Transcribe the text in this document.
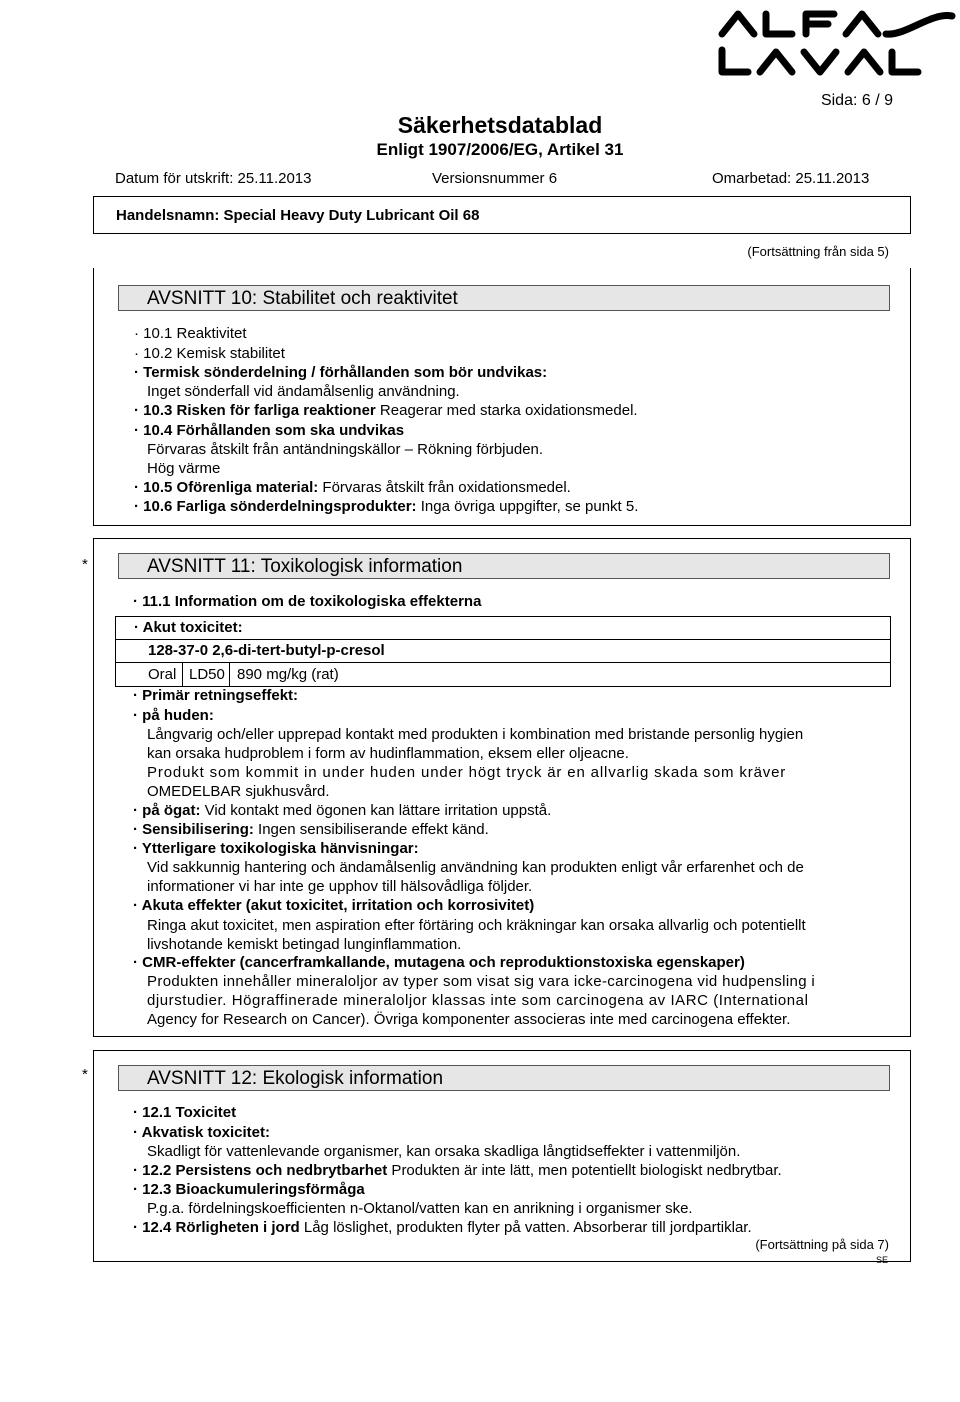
Sida: 6 / 9
Säkerhetsdatablad
Enligt 1907/2006/EG, Artikel 31
Datum för utskrift: 25.11.2013	Versionsnummer 6	Omarbetad: 25.11.2013
Handelsnamn: Special Heavy Duty Lubricant Oil 68
(Fortsättning från sida 5)
AVSNITT 10: Stabilitet och reaktivitet
· 10.1 Reaktivitet
· 10.2 Kemisk stabilitet
· Termisk sönderdelning / förhållanden som bör undvikas:
Inget sönderfall vid ändamålsenlig användning.
· 10.3 Risken för farliga reaktioner Reagerar med starka oxidationsmedel.
· 10.4 Förhållanden som ska undvikas
Förvaras åtskilt från antändningskällor – Rökning förbjuden.
Hög värme
· 10.5 Oförenliga material: Förvaras åtskilt från oxidationsmedel.
· 10.6 Farliga sönderdelningsprodukter: Inga övriga uppgifter, se punkt 5.
*	AVSNITT 11: Toxikologisk information
· 11.1 Information om de toxikologiska effekterna
· Akut toxicitet:
128-37-0 2,6-di-tert-butyl-p-cresol
Oral LD50 890 mg/kg (rat)
· Primär retningseffekt:
· på huden:
Långvarig och/eller upprepad kontakt med produkten i kombination med bristande personlig hygien
kan orsaka hudproblem i form av hudinflammation, eksem eller oljeacne.
Produkt som kommit in under huden under högt tryck är en allvarlig skada som kräver
OMEDELBAR sjukhusvård.
· på ögat: Vid kontakt med ögonen kan lättare irritation uppstå.
· Sensibilisering: Ingen sensibiliserande effekt känd.
· Ytterligare toxikologiska hänvisningar:
Vid sakkunnig hantering och ändamålsenlig användning kan produkten enligt vår erfarenhet och de
informationer vi har inte ge upphov till hälsovådliga följder.
· Akuta effekter (akut toxicitet, irritation och korrosivitet)
Ringa akut toxicitet, men aspiration efter förtäring och kräkningar kan orsaka allvarlig och potentiellt
livshotande kemiskt betingad lunginflammation.
· CMR-effekter (cancerframkallande, mutagena och reproduktionstoxiska egenskaper)
Produkten innehåller mineraloljor av typer som visat sig vara icke-carcinogena vid hudpensling i
djurstudier. Högraffinerade mineraloljor klassas inte som carcinogena av IARC (International
Agency for Research on Cancer). Övriga komponenter associeras inte med carcinogena effekter.
*	AVSNITT 12: Ekologisk information
· 12.1 Toxicitet
· Akvatisk toxicitet:
Skadligt för vattenlevande organismer, kan orsaka skadliga långtidseffekter i vattenmiljön.
· 12.2 Persistens och nedbrytbarhet Produkten är inte lätt, men potentiellt biologiskt nedbrytbar.
· 12.3 Bioackumuleringsförmåga
P.g.a. fördelningskoefficienten n-Oktanol/vatten kan en anrikning i organismer ske.
· 12.4 Rörligheten i jord Låg löslighet, produkten flyter på vatten. Absorberar till jordpartiklar.
(Fortsättning på sida 7)
SE
